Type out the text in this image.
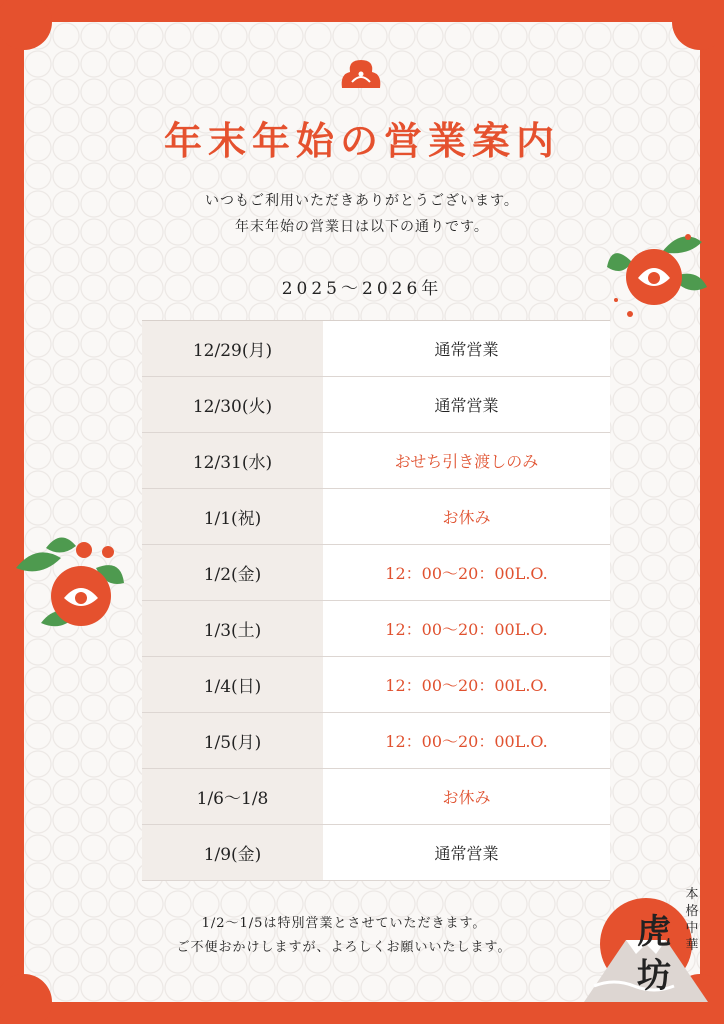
年末年始の営業案内
いつもご利用いただきありがとうございます。
年末年始の営業日は以下の通りです。
2025～2026年
12/29(月)	通常営業
12/30(火)	通常営業
12/31(水)	おせち引き渡しのみ
1/1(祝)	お休み
1/2(金)	12：00～20：00L.O.
1/3(土)	12：00～20：00L.O.
1/4(日)	12：00～20：00L.O.
1/5(月)	12：00～20：00L.O.
1/6～1/8	お休み
1/9(金)	通常営業
1/2～1/5は特別営業とさせていただきます。
ご不便おかけしますが、よろしくお願いいたします。
本格中華
虎坊
